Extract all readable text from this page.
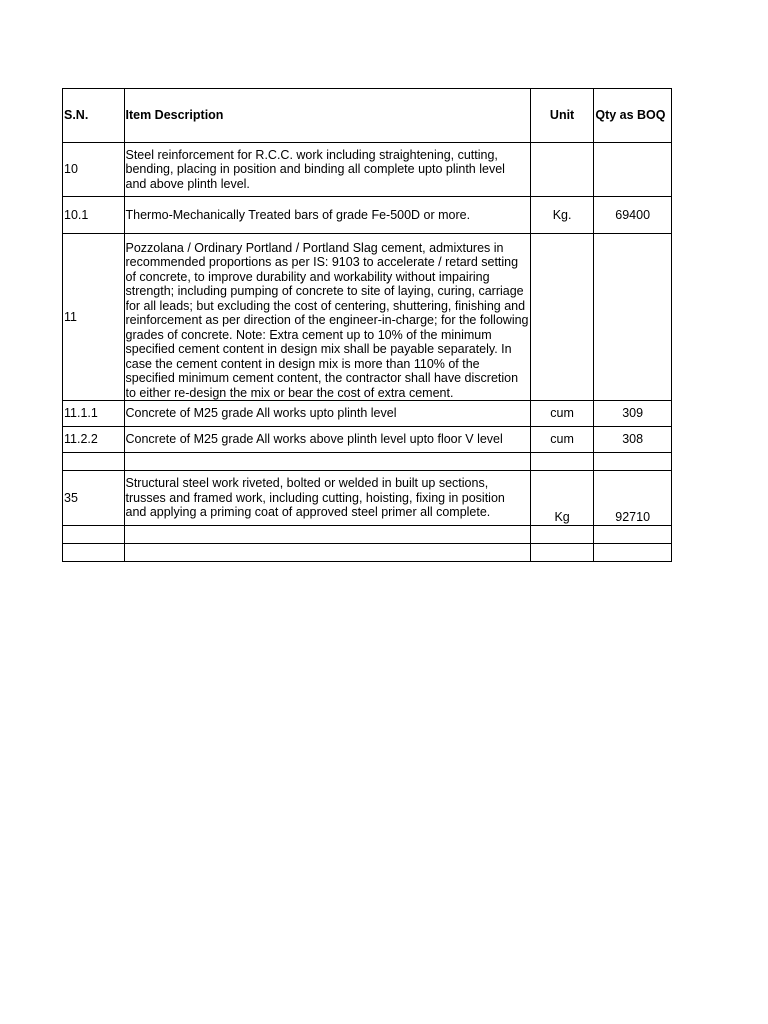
S.N.	Item Description	Unit	Qty as BOQ
10	Steel reinforcement for R.C.C. work including straightening, cutting, bending, placing in position and binding all complete upto plinth level and above plinth level.		
10.1	Thermo-Mechanically Treated bars of grade Fe-500D or more.	Kg.	69400
11	Pozzolana / Ordinary Portland / Portland Slag cement, admixtures in recommended proportions as per IS: 9103 to accelerate / retard setting of concrete, to improve durability and workability without impairing strength; including pumping of concrete to site of laying, curing, carriage for all leads; but excluding the cost of centering, shuttering, finishing and reinforcement as per direction of the engineer-in-charge; for the following grades of concrete. Note: Extra cement up to 10% of the minimum specified cement content in design mix shall be payable separately. In case the cement content in design mix is more than 110% of the specified minimum cement content, the contractor shall have discretion to either re-design the mix or bear the cost of extra cement.		

11.1.1	Concrete of M25 grade All works upto plinth level	cum	309
11.2.2	Concrete of M25 grade All works above plinth level upto floor V level	cum	308

35	Structural steel work riveted, bolted or welded in built up sections, trusses and framed work, including cutting, hoisting, fixing in position and applying a priming coat of approved steel primer all complete.	Kg	92710
